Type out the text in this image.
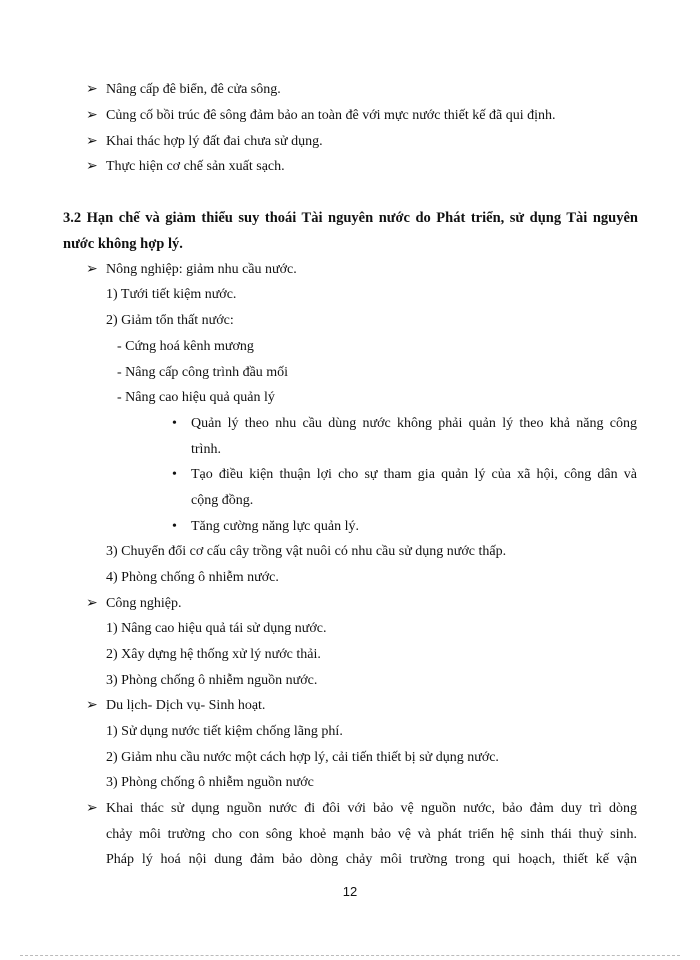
➢ Nâng cấp đê biển, đê cửa sông.
➢ Củng cố bồi trúc đê sông đảm bảo an toàn đê với mực nước thiết kế đã qui định.
➢ Khai thác hợp lý đất đai chưa sử dụng.
➢ Thực hiện cơ chế sản xuất sạch.
3.2 Hạn chế và giảm thiểu suy thoái Tài nguyên nước do Phát triển, sử dụng Tài nguyên
nước không hợp lý.
➢ Nông nghiệp: giảm nhu cầu nước.
1) Tưới tiết kiệm nước.
2) Giảm tổn thất nước:
- Cứng hoá kênh mương
- Nâng cấp công trình đầu mối
- Nâng cao hiệu quả quản lý
• Quản lý theo nhu cầu dùng nước không phải quản lý theo khả năng công
trình.
• Tạo điều kiện thuận lợi cho sự tham gia quản lý của xã hội, công dân và
cộng đồng.
• Tăng cường năng lực quản lý.
3) Chuyển đổi cơ cấu cây trồng vật nuôi có nhu cầu sử dụng nước thấp.
4) Phòng chống ô nhiễm nước.
➢ Công nghiệp.
1) Nâng cao hiệu quả tái sử dụng nước.
2) Xây dựng hệ thống xử lý nước thải.
3) Phòng chống ô nhiễm nguồn nước.
➢ Du lịch- Dịch vụ- Sinh hoạt.
1) Sử dụng nước tiết kiệm chống lãng phí.
2) Giảm nhu cầu nước một cách hợp lý, cải tiến thiết bị sử dụng nước.
3) Phòng chống ô nhiễm nguồn nước
➢ Khai thác sử dụng nguồn nước đi đôi với bảo vệ nguồn nước, bảo đảm duy trì dòng
chảy môi trường cho con sông khoẻ mạnh bảo vệ và phát triển hệ sinh thái thuỷ sinh.
Pháp lý hoá nội dung đảm bảo dòng chảy môi trường trong qui hoạch, thiết kế vận
12
